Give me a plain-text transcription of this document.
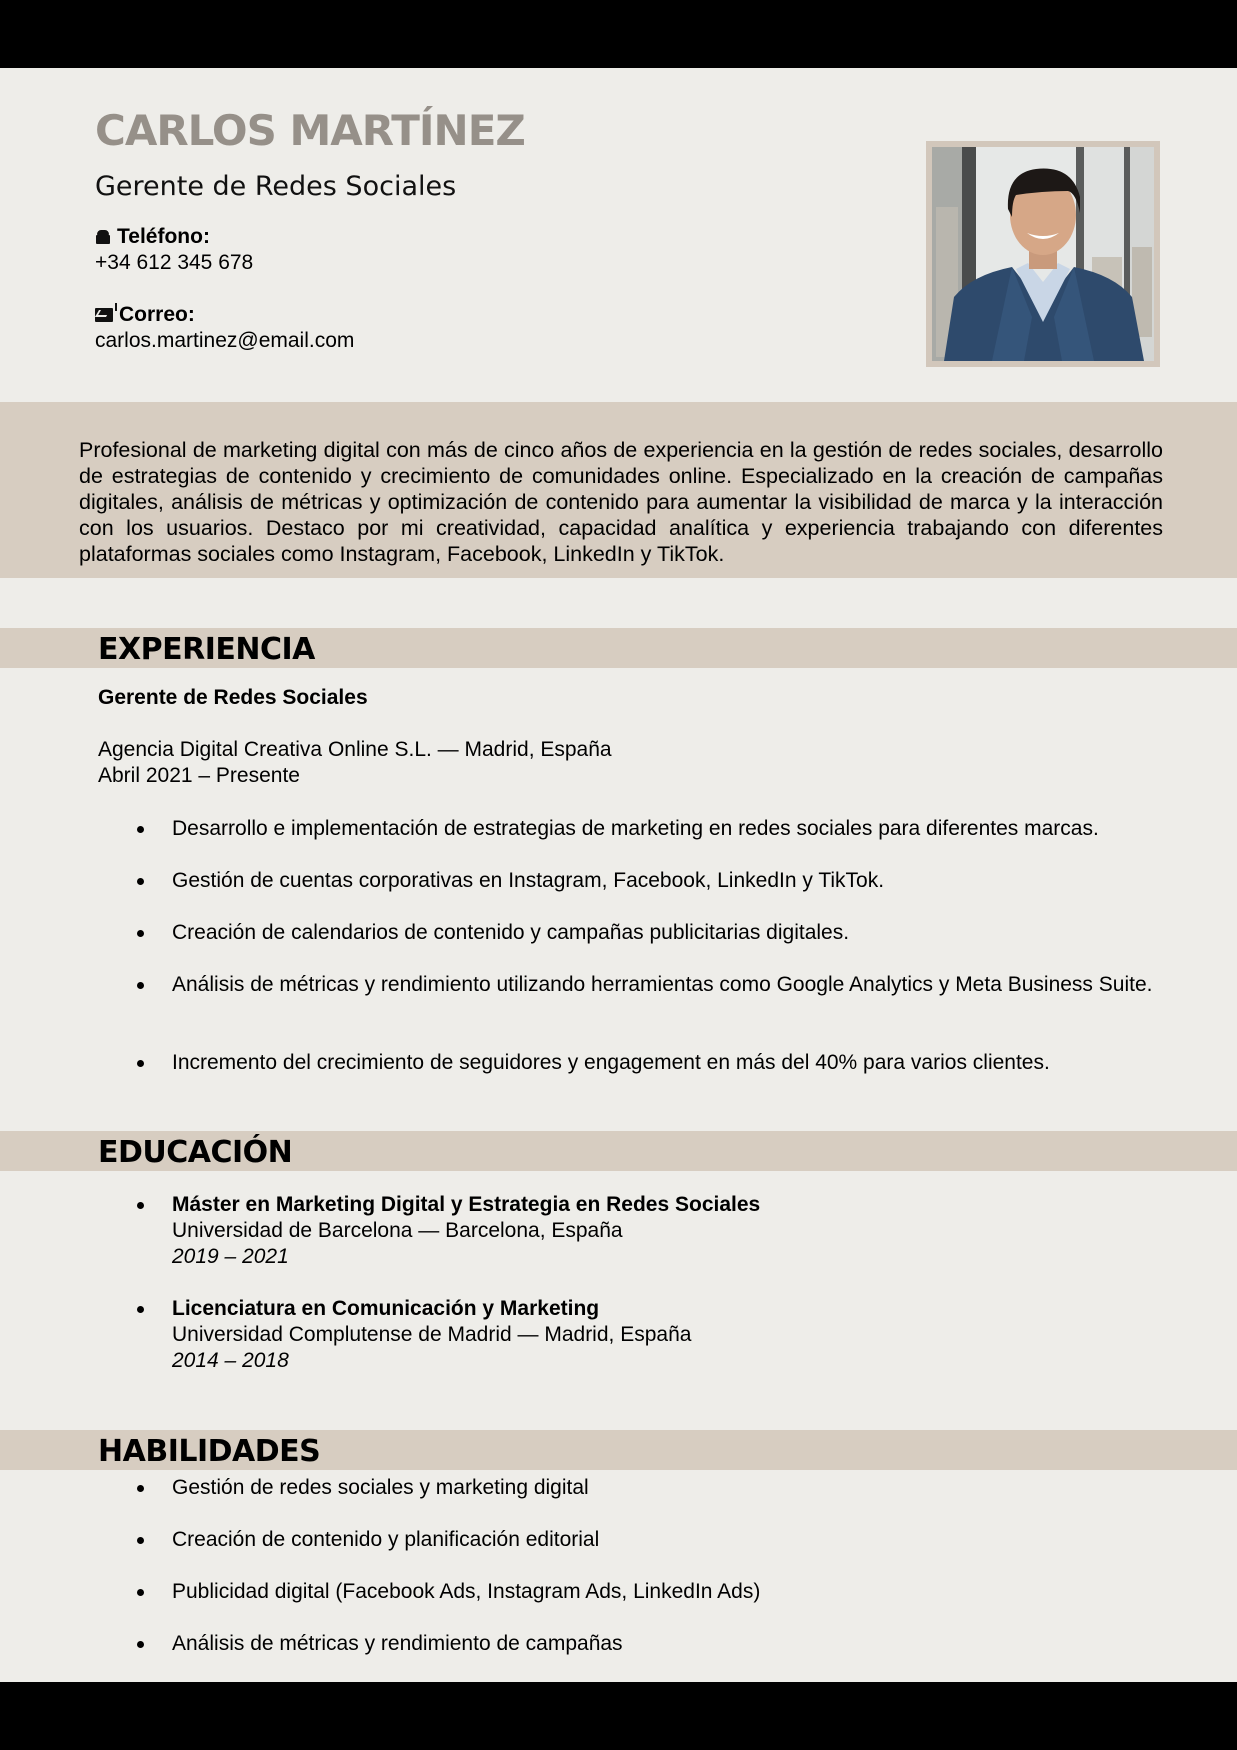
CARLOS MARTÍNEZ
Gerente de Redes Sociales
Teléfono:
+34 612 345 678
Correo:
carlos.martinez@email.com

Profesional de marketing digital con más de cinco años de experiencia en la gestión de redes sociales, desarrollo de estrategias de contenido y crecimiento de comunidades online. Especializado en la creación de campañas digitales, análisis de métricas y optimización de contenido para aumentar la visibilidad de marca y la interacción con los usuarios. Destaco por mi creatividad, capacidad analítica y experiencia trabajando con diferentes plataformas sociales como Instagram, Facebook, LinkedIn y TikTok.

EXPERIENCIA

Gerente de Redes Sociales

Agencia Digital Creativa Online S.L. — Madrid, España

Abril 2021 – Presente

Desarrollo e implementación de estrategias de marketing en redes sociales para diferentes marcas.
Gestión de cuentas corporativas en Instagram, Facebook, LinkedIn y TikTok.
Creación de calendarios de contenido y campañas publicitarias digitales.
Análisis de métricas y rendimiento utilizando herramientas como Google Analytics y Meta Business Suite.
Incremento del crecimiento de seguidores y engagement en más del 40% para varios clientes.
EDUCACIÓN
Máster en Marketing Digital y Estrategia en Redes Sociales
Universidad de Barcelona — Barcelona, España
2019 – 2021
Licenciatura en Comunicación y Marketing
Universidad Complutense de Madrid — Madrid, España
2014 – 2018
HABILIDADES
Gestión de redes sociales y marketing digital
Creación de contenido y planificación editorial
Publicidad digital (Facebook Ads, Instagram Ads, LinkedIn Ads)
Análisis de métricas y rendimiento de campañas
